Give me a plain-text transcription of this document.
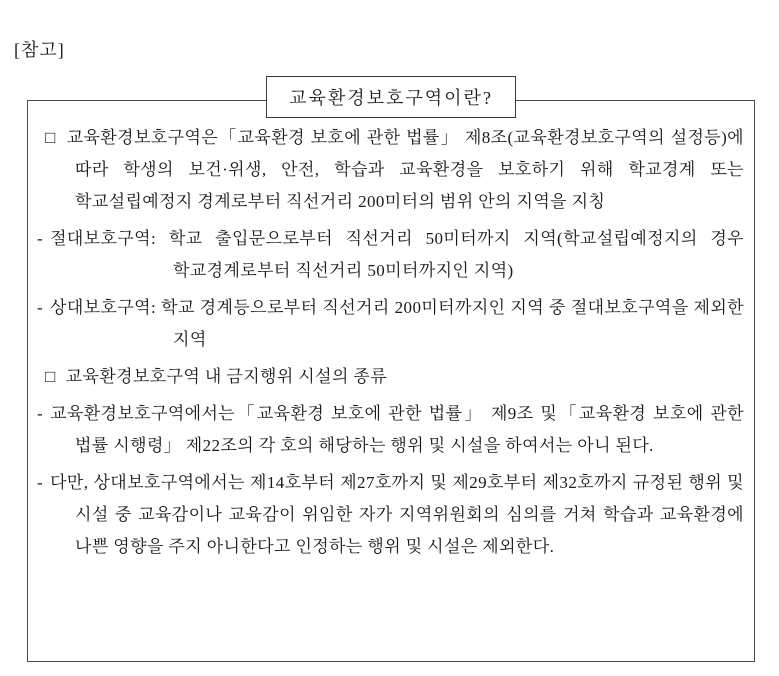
[참고]
교육환경보호구역이란?
□ 교육환경보호구역은「교육환경 보호에 관한 법률」 제8조(교육환경보호구역의 설정등)에 따라 학생의 보건·위생, 안전, 학습과 교육환경을 보호하기 위해 학교경계 또는 학교설립예정지 경계로부터 직선거리 200미터의 범위 안의 지역을 지칭
- 절대보호구역: 학교 출입문으로부터 직선거리 50미터까지 지역(학교설립예정지의 경우 학교경계로부터 직선거리 50미터까지인 지역)
- 상대보호구역: 학교 경계등으로부터 직선거리 200미터까지인 지역 중 절대보호구역을 제외한 지역
□ 교육환경보호구역 내 금지행위 시설의 종류
- 교육환경보호구역에서는「교육환경 보호에 관한 법률」 제9조 및「교육환경 보호에 관한 법률 시행령」 제22조의 각 호의 해당하는 행위 및 시설을 하여서는 아니 된다.
- 다만, 상대보호구역에서는 제14호부터 제27호까지 및 제29호부터 제32호까지 규정된 행위 및 시설 중 교육감이나 교육감이 위임한 자가 지역위원회의 심의를 거쳐 학습과 교육환경에 나쁜 영향을 주지 아니한다고 인정하는 행위 및 시설은 제외한다.
